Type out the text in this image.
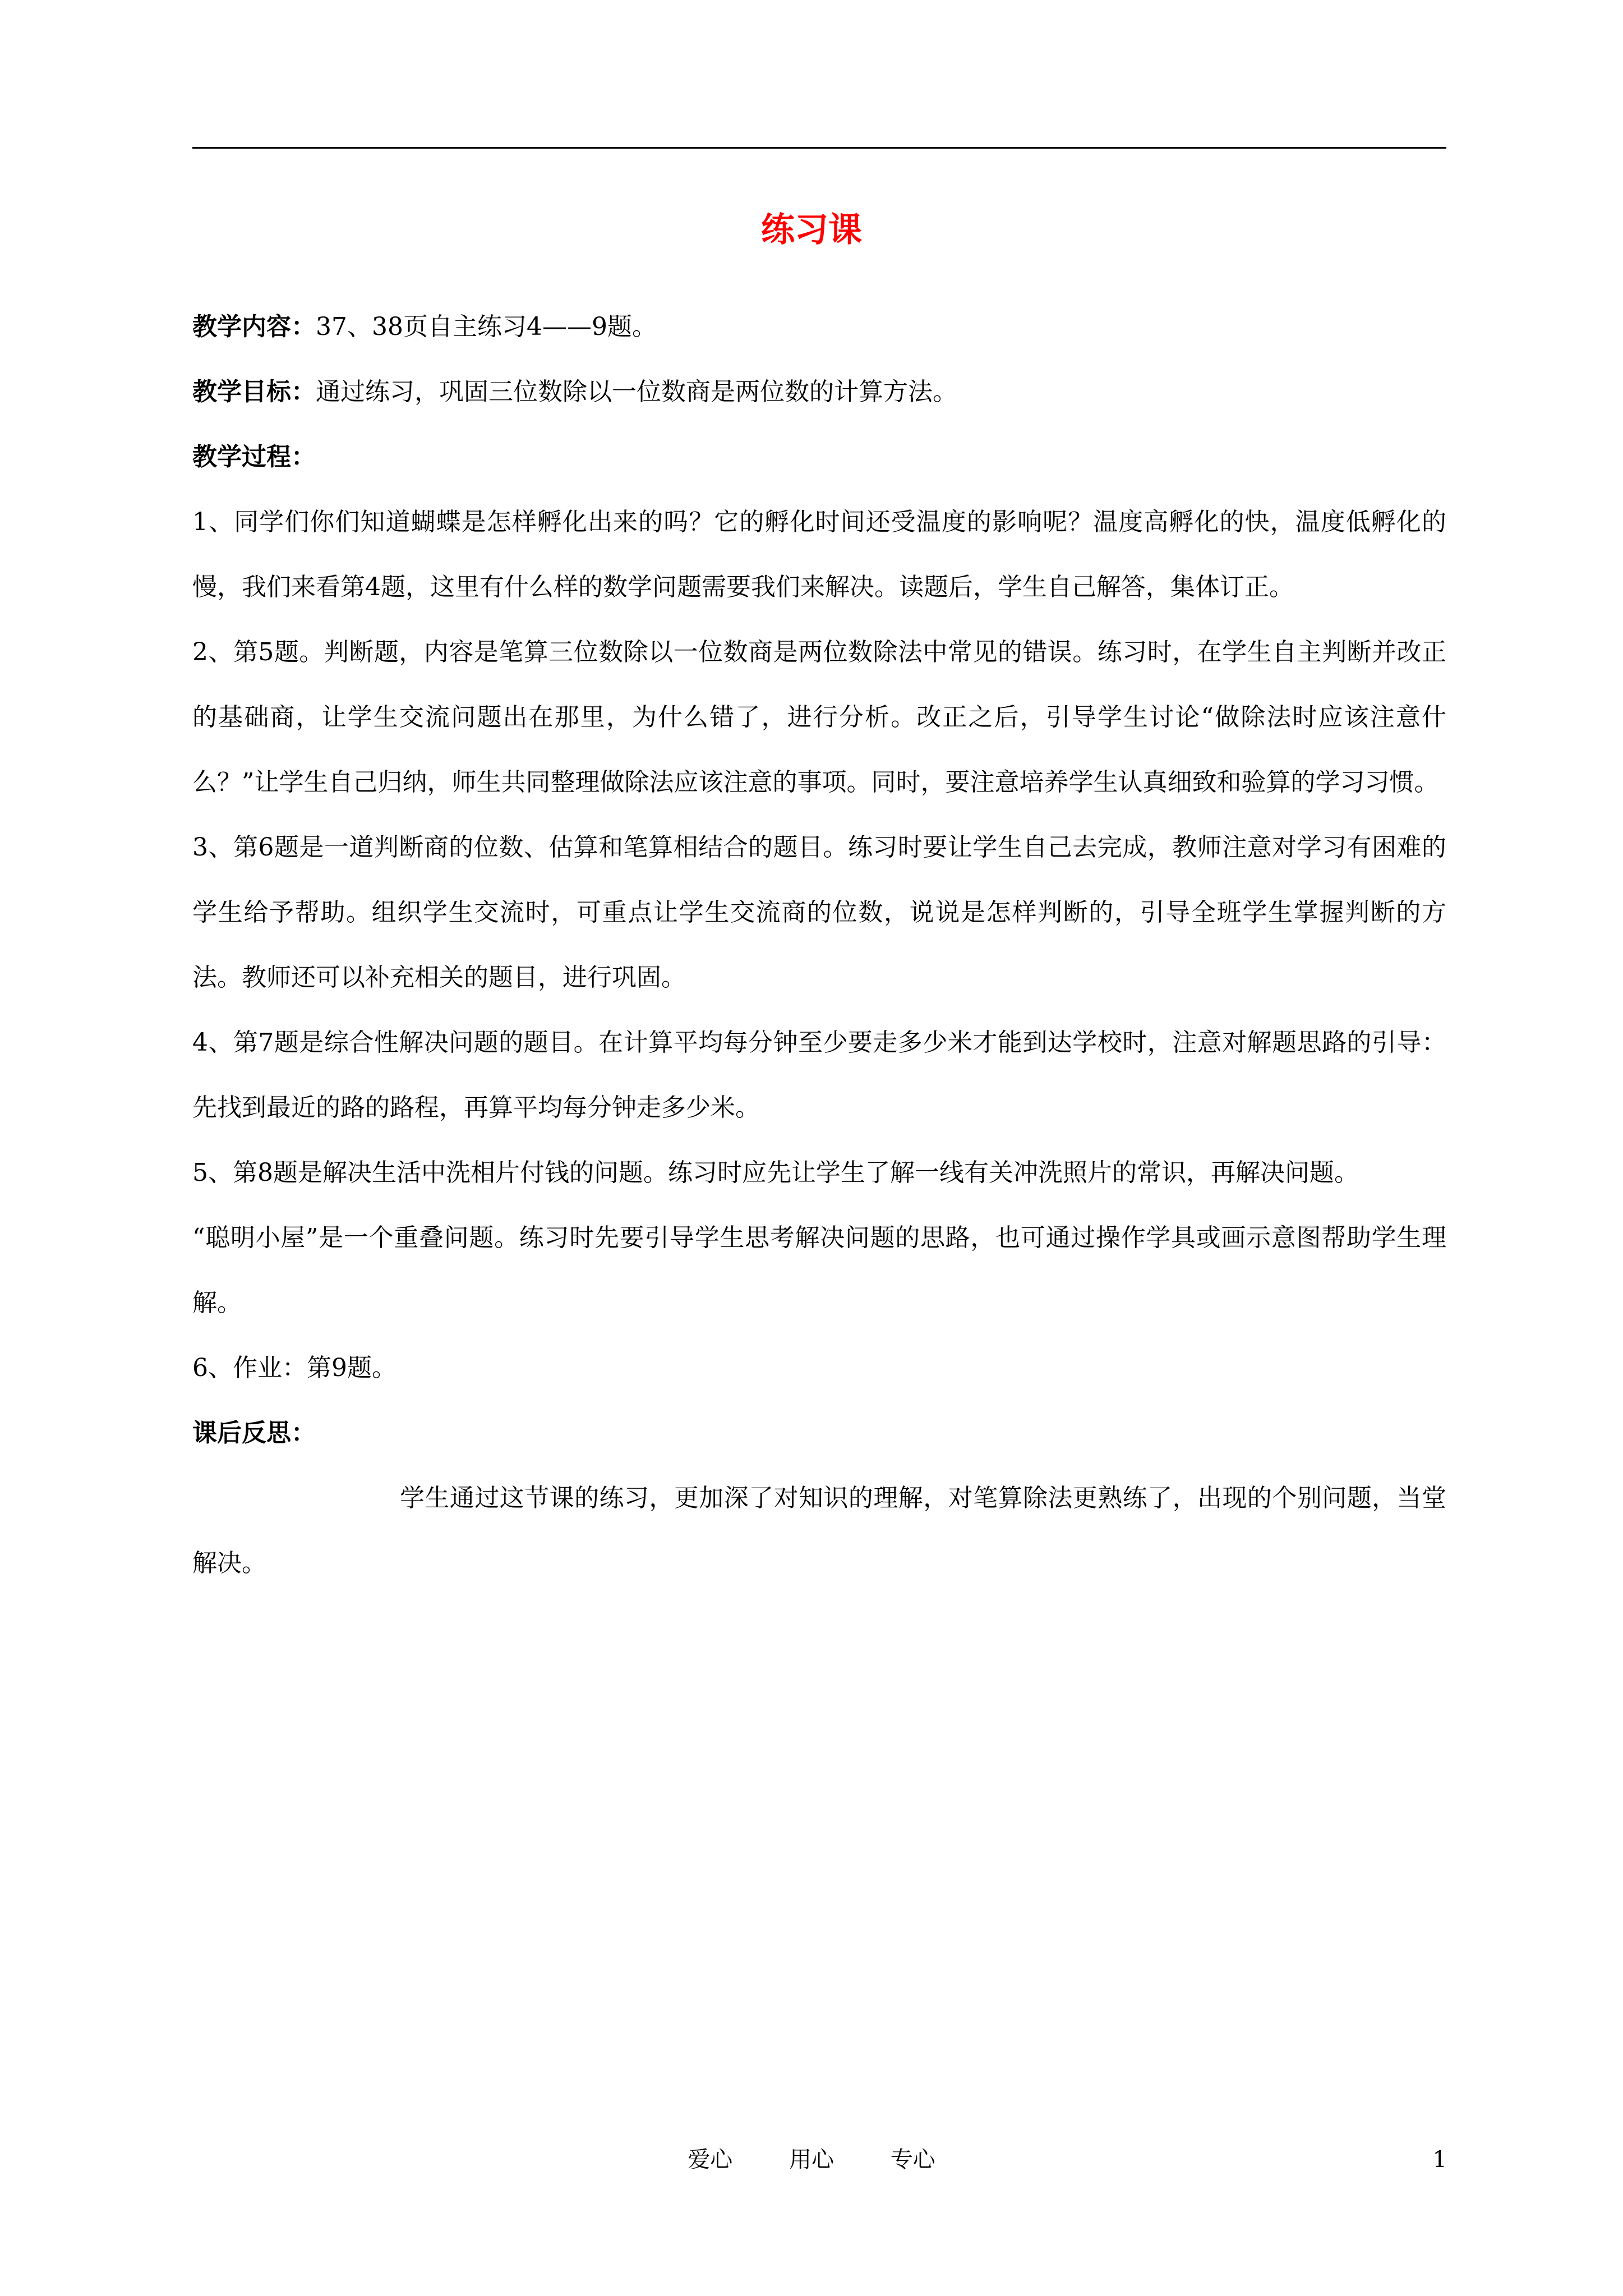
练习课

教学内容：37、38页自主练习4——9题。

教学目标：通过练习，巩固三位数除以一位数商是两位数的计算方法。

教学过程：

1、同学们你们知道蝴蝶是怎样孵化出来的吗？它的孵化时间还受温度的影响呢？温度高孵化的快，温度低孵化的慢，我们来看第4题，这里有什么样的数学问题需要我们来解决。读题后，学生自己解答，集体订正。

2、第5题。判断题，内容是笔算三位数除以一位数商是两位数除法中常见的错误。练习时，在学生自主判断并改正的基础商，让学生交流问题出在那里，为什么错了，进行分析。改正之后，引导学生讨论“做除法时应该注意什么？”让学生自己归纳，师生共同整理做除法应该注意的事项。同时，要注意培养学生认真细致和验算的学习习惯。

3、第6题是一道判断商的位数、估算和笔算相结合的题目。练习时要让学生自己去完成，教师注意对学习有困难的学生给予帮助。组织学生交流时，可重点让学生交流商的位数，说说是怎样判断的，引导全班学生掌握判断的方法。教师还可以补充相关的题目，进行巩固。

4、第7题是综合性解决问题的题目。在计算平均每分钟至少要走多少米才能到达学校时，注意对解题思路的引导：先找到最近的路的路程，再算平均每分钟走多少米。

5、第8题是解决生活中洗相片付钱的问题。练习时应先让学生了解一线有关冲洗照片的常识，再解决问题。

“聪明小屋”是一个重叠问题。练习时先要引导学生思考解决问题的思路，也可通过操作学具或画示意图帮助学生理解。

6、作业：第9题。

课后反思：

学生通过这节课的练习，更加深了对知识的理解，对笔算除法更熟练了，出现的个别问题，当堂解决。

爱心	用心	专心	1
